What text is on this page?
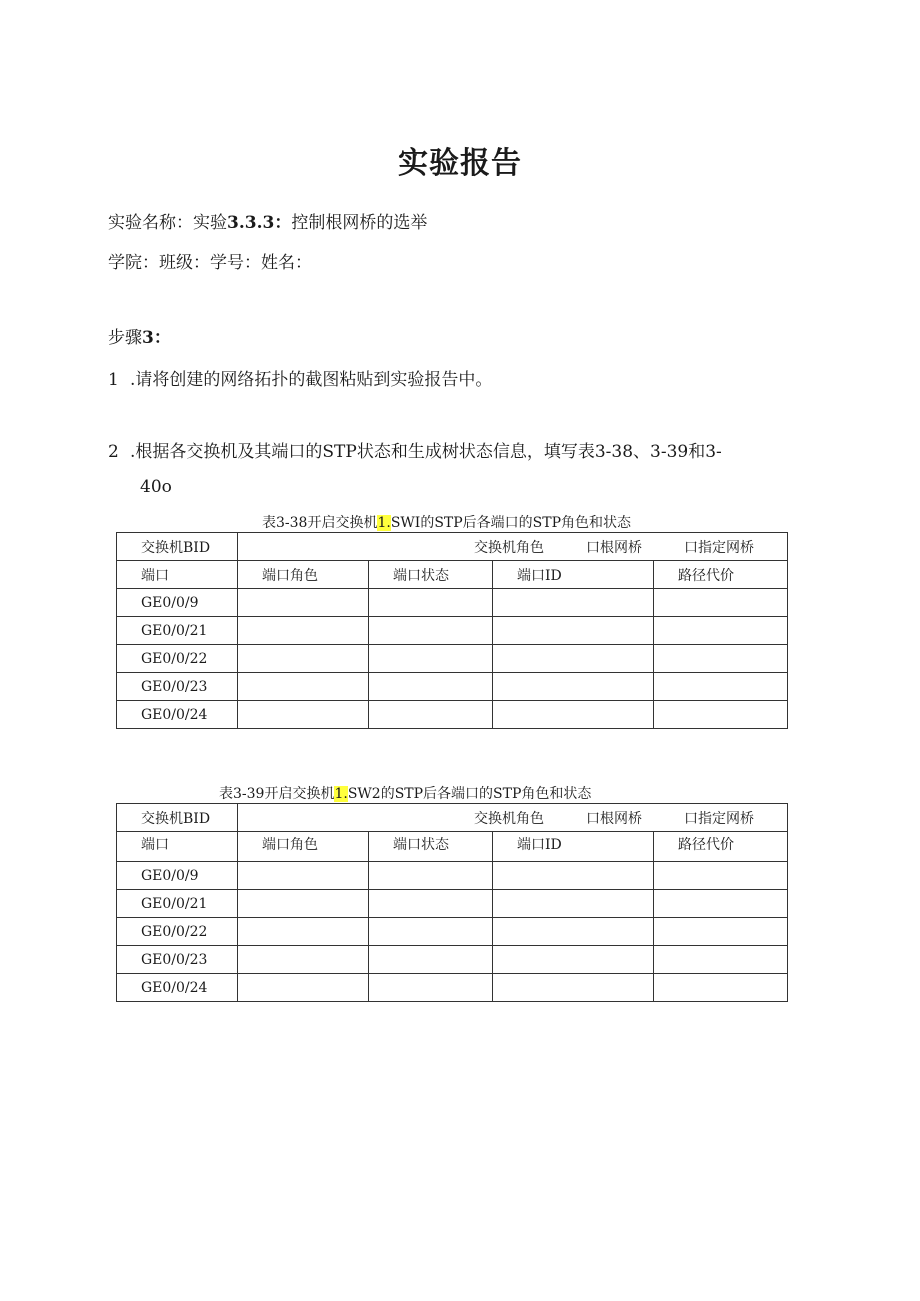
实验报告
实验名称：实验3.3.3：控制根网桥的选举
学院：班级：学号：姓名：
步骤3：
1 .请将创建的网络拓扑的截图粘贴到实验报告中。
2 .根据各交换机及其端口的STP状态和生成树状态信息，填写表3-38、3-39和3-
40o
表3-38开启交换机1.SWI的STP后各端口的STP角色和状态
交换机BID	交换机角色 口根网桥 口指定网桥			

端口	端口角色	端口状态	端口ID	路径代价
GE0/0/9				
GE0/0/21				
GE0/0/22				
GE0/0/23				
GE0/0/24				
表3-39开启交换机1.SW2的STP后各端口的STP角色和状态
交换机BID	交换机角色 口根网桥 口指定网桥			

端口	端口角色	端口状态	端口ID	路径代价
GE0/0/9				
GE0/0/21				
GE0/0/22				
GE0/0/23				
GE0/0/24				
